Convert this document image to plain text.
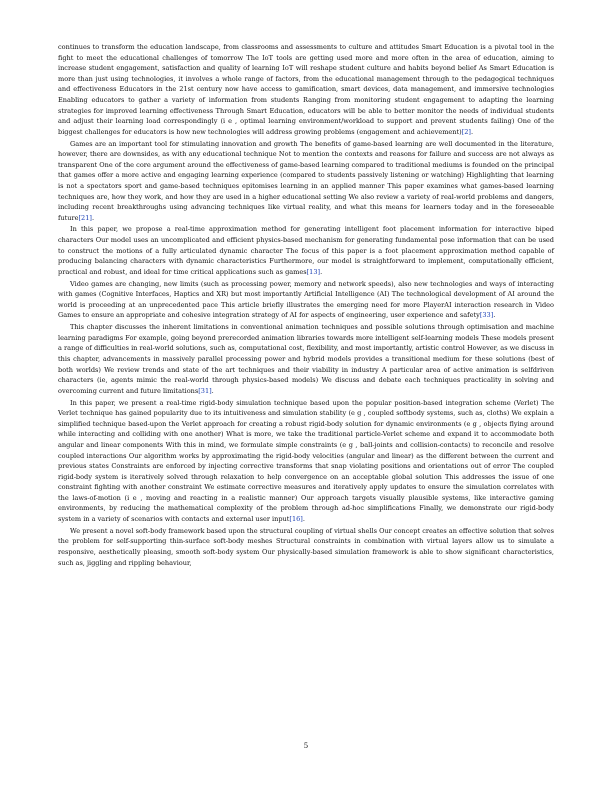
continues to transform the education landscape, from classrooms and assessments to culture and attitudes Smart Education is a pivotal tool in the fight to meet the educational challenges of tomorrow The IoT tools are getting used more and more often in the area of education, aiming to increase student engagement, satisfaction and quality of learning IoT will reshape student culture and habits beyond belief As Smart Education is more than just using technologies, it involves a whole range of factors, from the educational management through to the pedagogical techniques and effectiveness Educators in the 21st century now have access to gamification, smart devices, data management, and immersive technologies Enabling educators to gather a variety of information from students Ranging from monitoring student engagement to adapting the learning strategies for improved learning effectiveness Through Smart Education, educators will be able to better monitor the needs of individual students and adjust their learning load correspondingly (i e , optimal learning environment/workload to support and prevent students failing) One of the biggest challenges for educators is how new technologies will address growing problems (engagement and achievement)[2].

Games are an important tool for stimulating innovation and growth The benefits of game-based learning are well documented in the literature, however, there are downsides, as with any educational technique Not to mention the contexts and reasons for failure and success are not always as transparent One of the core argument around the effectiveness of game-based learning compared to traditional mediums is founded on the principal that games offer a more active and engaging learning experience (compared to students passively listening or watching) Highlighting that learning is not a spectators sport and game-based techniques epitomises learning in an applied manner This paper examines what games-based learning techniques are, how they work, and how they are used in a higher educational setting We also review a variety of real-world problems and dangers, including recent breakthroughs using advancing techniques like virtual reality, and what this means for learners today and in the foreseeable future[21].

In this paper, we propose a real-time approximation method for generating intelligent foot placement information for interactive biped characters Our model uses an uncomplicated and efficient physics-based mechanism for generating fundamental pose information that can be used to construct the motions of a fully articulated dynamic character The focus of this paper is a foot placement approximation method capable of producing balancing characters with dynamic characteristics Furthermore, our model is straightforward to implement, computationally efficient, practical and robust, and ideal for time critical applications such as games[13].

Video games are changing, new limits (such as processing power, memory and network speeds), also new technologies and ways of interacting with games (Cognitive Interfaces, Haptics and XR) but most importantly Artificial Intelligence (AI) The technological development of AI around the world is proceeding at an unprecedented pace This article briefly illustrates the emerging need for more PlayerAI interaction research in Video Games to ensure an appropriate and cohesive integration strategy of AI for aspects of engineering, user experience and safety[33].

This chapter discusses the inherent limitations in conventional animation techniques and possible solutions through optimisation and machine learning paradigms For example, going beyond prerecorded animation libraries towards more intelligent self-learning models These models present a range of difficulties in real-world solutions, such as, computational cost, flexibility, and most importantly, artistic control However, as we discuss in this chapter, advancements in massively parallel processing power and hybrid models provides a transitional medium for these solutions (best of both worlds) We review trends and state of the art techniques and their viability in industry A particular area of active animation is selfdriven characters (ie, agents mimic the real-world through physics-based models) We discuss and debate each techniques practicality in solving and overcoming current and future limitations[31].

In this paper, we present a real-time rigid-body simulation technique based upon the popular position-based integration scheme (Verlet) The Verlet technique has gained popularity due to its intuitiveness and simulation stability (e g , coupled softbody systems, such as, cloths) We explain a simplified technique based-upon the Verlet approach for creating a robust rigid-body solution for dynamic environments (e g , objects flying around while interacting and colliding with one another) What is more, we take the traditional particle-Verlet scheme and expand it to accommodate both angular and linear components With this in mind, we formulate simple constraints (e g , ball-joints and collision-contacts) to reconcile and resolve coupled interactions Our algorithm works by approximating the rigid-body velocities (angular and linear) as the different between the current and previous states Constraints are enforced by injecting corrective transforms that snap violating positions and orientations out of error The coupled rigid-body system is iteratively solved through relaxation to help convergence on an acceptable global solution This addresses the issue of one constraint fighting with another constraint We estimate corrective measures and iteratively apply updates to ensure the simulation correlates with the laws-of-motion (i e , moving and reacting in a realistic manner) Our approach targets visually plausible systems, like interactive gaming environments, by reducing the mathematical complexity of the problem through ad-hoc simplifications Finally, we demonstrate our rigid-body system in a variety of scenarios with contacts and external user input[16].

We present a novel soft-body framework based upon the structural coupling of virtual shells Our concept creates an effective solution that solves the problem for self-supporting thin-surface soft-body meshes Structural constraints in combination with virtual layers allow us to simulate a responsive, aesthetically pleasing, smooth soft-body system Our physically-based simulation framework is able to show significant characteristics, such as, jiggling and rippling behaviour,

5
